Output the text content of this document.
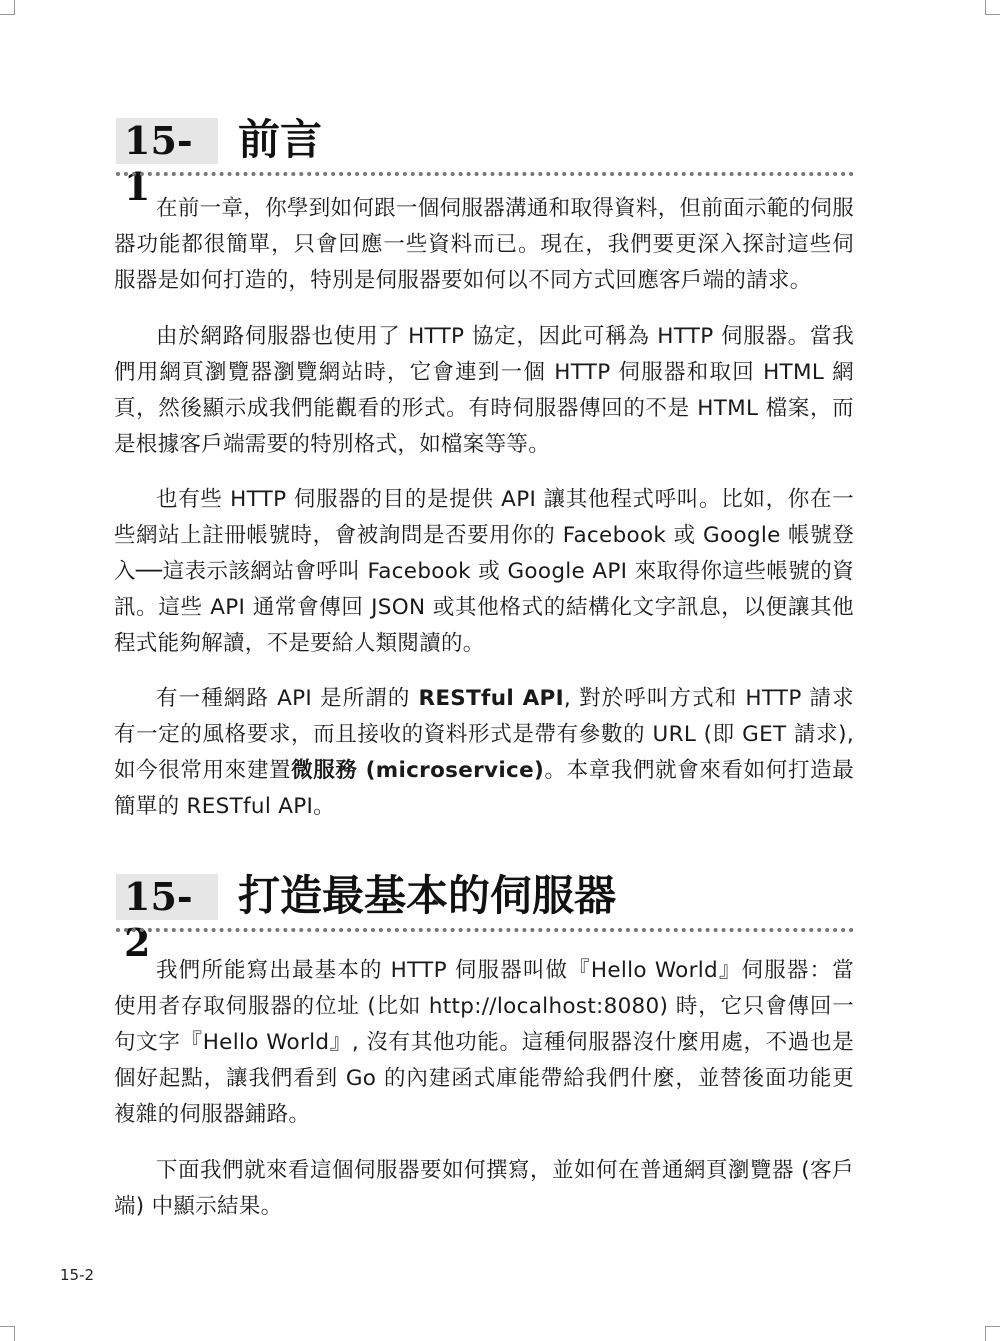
15-1
前言

在前一章，你學到如何跟一個伺服器溝通和取得資料，但前面示範的伺服器功能都很簡單，只會回應一些資料而已。現在，我們要更深入探討這些伺服器是如何打造的，特別是伺服器要如何以不同方式回應客戶端的請求。

由於網路伺服器也使用了 HTTP 協定，因此可稱為 HTTP 伺服器。當我們用網頁瀏覽器瀏覽網站時，它會連到一個 HTTP 伺服器和取回 HTML 網頁，然後顯示成我們能觀看的形式。有時伺服器傳回的不是 HTML 檔案，而是根據客戶端需要的特別格式，如檔案等等。

也有些 HTTP 伺服器的目的是提供 API 讓其他程式呼叫。比如，你在一些網站上註冊帳號時，會被詢問是否要用你的 Facebook 或 Google 帳號登入──這表示該網站會呼叫 Facebook 或 Google API 來取得你這些帳號的資訊。這些 API 通常會傳回 JSON 或其他格式的結構化文字訊息，以便讓其他程式能夠解讀，不是要給人類閱讀的。

有一種網路 API 是所謂的 RESTful API, 對於呼叫方式和 HTTP 請求有一定的風格要求，而且接收的資料形式是帶有參數的 URL (即 GET 請求), 如今很常用來建置微服務 (microservice)。本章我們就會來看如何打造最簡單的 RESTful API。

15-2
打造最基本的伺服器

我們所能寫出最基本的 HTTP 伺服器叫做『Hello World』伺服器：當使用者存取伺服器的位址 (比如 http://localhost:8080) 時，它只會傳回一句文字『Hello World』, 沒有其他功能。這種伺服器沒什麼用處，不過也是個好起點，讓我們看到 Go 的內建函式庫能帶給我們什麼，並替後面功能更複雜的伺服器鋪路。

下面我們就來看這個伺服器要如何撰寫，並如何在普通網頁瀏覽器 (客戶端) 中顯示結果。

15-2
